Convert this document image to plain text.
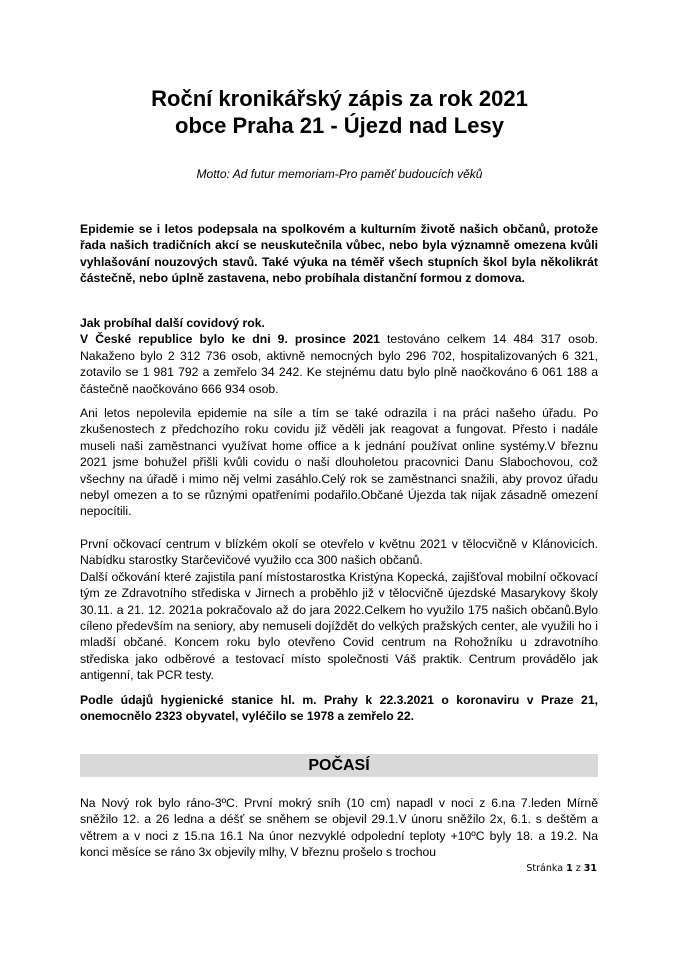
Roční kronikářský zápis za rok 2021
obce Praha 21 - Újezd nad Lesy
Motto: Ad futur memoriam-Pro paměť budoucích věků

Epidemie se i letos podepsala na spolkovém a kulturním životě našich občanů, protože řada našich tradičních akcí se neuskutečnila vůbec, nebo byla významně omezena kvůli vyhlašování nouzových stavů. Také výuka na téměř všech stupních škol byla několikrát částečně, nebo úplně zastavena, nebo probíhala distanční formou z domova.

Jak probíhal další covidový rok.

V České republice bylo ke dni 9. prosince 2021 testováno celkem 14 484 317 osob. Nakaženo bylo 2 312 736 osob, aktivně nemocných bylo 296 702, hospitalizovaných 6 321, zotavilo se 1 981 792 a zemřelo 34 242. Ke stejnému datu bylo plně naočkováno 6 061 188 a částečně naočkováno 666 934 osob.

Ani letos nepolevila epidemie na síle a tím se také odrazila i na práci našeho úřadu. Po zkušenostech z předchozího roku covidu již věděli jak reagovat a fungovat. Přesto i nadále museli naši zaměstnanci využívat home office a k jednání používat online systémy.V březnu 2021 jsme bohužel přišli kvůli covidu o naši dlouholetou pracovnici Danu Slabochovou, což všechny na úřadě i mimo něj velmi zasáhlo.Celý rok se zaměstnanci snažili, aby provoz úřadu nebyl omezen a to se různými opatřeními podařilo.Občané Újezda tak nijak zásadně omezení nepocítili.

První očkovací centrum v blízkém okolí se otevřelo v květnu 2021 v tělocvičně v Klánovicích. Nabídku starostky Starčevičové využilo cca 300 našich občanů.

Další očkování které zajistila paní místostarostka Kristýna Kopecká, zajišťoval mobilní očkovací tým ze Zdravotního střediska v Jirnech a proběhlo již v tělocvičně újezdské Masarykovy školy 30.11. a 21. 12. 2021a pokračovalo až do jara 2022.Celkem ho využilo 175 našich občanů.Bylo cíleno především na seniory, aby nemuseli dojíždět do velkých pražských center, ale využili ho i mladší občané. Koncem roku bylo otevřeno Covid centrum na Rohožníku u zdravotního střediska jako odběrové a testovací místo společnosti Váš praktik. Centrum provádělo jak antigenní, tak PCR testy.

Podle údajů hygienické stanice hl. m. Prahy k 22.3.2021 o koronaviru v Praze 21, onemocnělo 2323 obyvatel, vyléčilo se 1978 a zemřelo 22.

POČASÍ

Na Nový rok bylo ráno-3ºC. První mokrý sníh (10 cm) napadl v noci z 6.na 7.leden Mírně sněžilo 12. a 26 ledna a déšť se sněhem se objevil 29.1.V únoru sněžilo 2x, 6.1. s deštěm a větrem a v noci z 15.na 16.1 Na únor nezvyklé odpolední teploty +10ºC byly 18. a 19.2. Na konci měsíce se ráno 3x objevily mlhy, V březnu prošelo s trochou

Stránka 1 z 31
